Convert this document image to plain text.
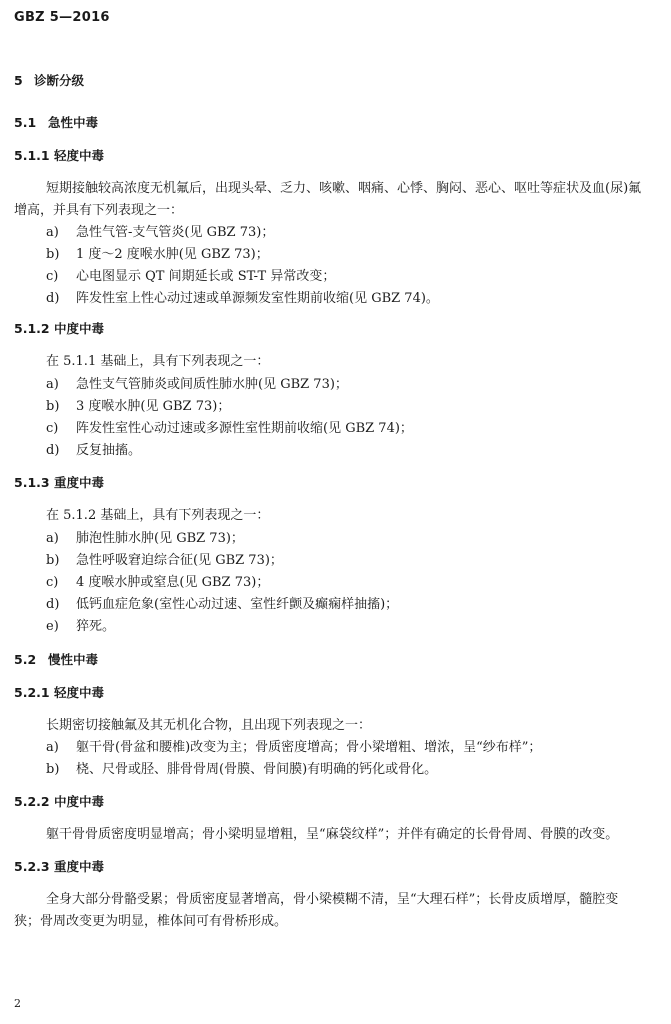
GBZ 5—2016
5 诊断分级
5.1 急性中毒
5.1.1 轻度中毒
短期接触较高浓度无机氟后，出现头晕、乏力、咳嗽、咽痛、心悸、胸闷、恶心、呕吐等症状及血(尿)氟
增高，并具有下列表现之一：
a) 急性气管-支气管炎(见 GBZ 73)；
b) 1 度～2 度喉水肿(见 GBZ 73)；
c) 心电图显示 QT 间期延长或 ST-T 异常改变；
d) 阵发性室上性心动过速或单源频发室性期前收缩(见 GBZ 74)。
5.1.2 中度中毒
在 5.1.1 基础上，具有下列表现之一：
a) 急性支气管肺炎或间质性肺水肿(见 GBZ 73)；
b) 3 度喉水肿(见 GBZ 73)；
c) 阵发性室性心动过速或多源性室性期前收缩(见 GBZ 74)；
d) 反复抽搐。
5.1.3 重度中毒
在 5.1.2 基础上，具有下列表现之一：
a) 肺泡性肺水肿(见 GBZ 73)；
b) 急性呼吸窘迫综合征(见 GBZ 73)；
c) 4 度喉水肿或窒息(见 GBZ 73)；
d) 低钙血症危象(室性心动过速、室性纤颤及癫痫样抽搐)；
e) 猝死。
5.2 慢性中毒
5.2.1 轻度中毒
长期密切接触氟及其无机化合物，且出现下列表现之一：
a) 躯干骨(骨盆和腰椎)改变为主；骨质密度增高；骨小梁增粗、增浓，呈“纱布样”；
b) 桡、尺骨或胫、腓骨骨周(骨膜、骨间膜)有明确的钙化或骨化。
5.2.2 中度中毒
躯干骨骨质密度明显增高；骨小梁明显增粗，呈“麻袋纹样”；并伴有确定的长骨骨周、骨膜的改变。
5.2.3 重度中毒
全身大部分骨骼受累；骨质密度显著增高，骨小梁模糊不清，呈“大理石样”；长骨皮质增厚，髓腔变
狭；骨周改变更为明显，椎体间可有骨桥形成。
2
